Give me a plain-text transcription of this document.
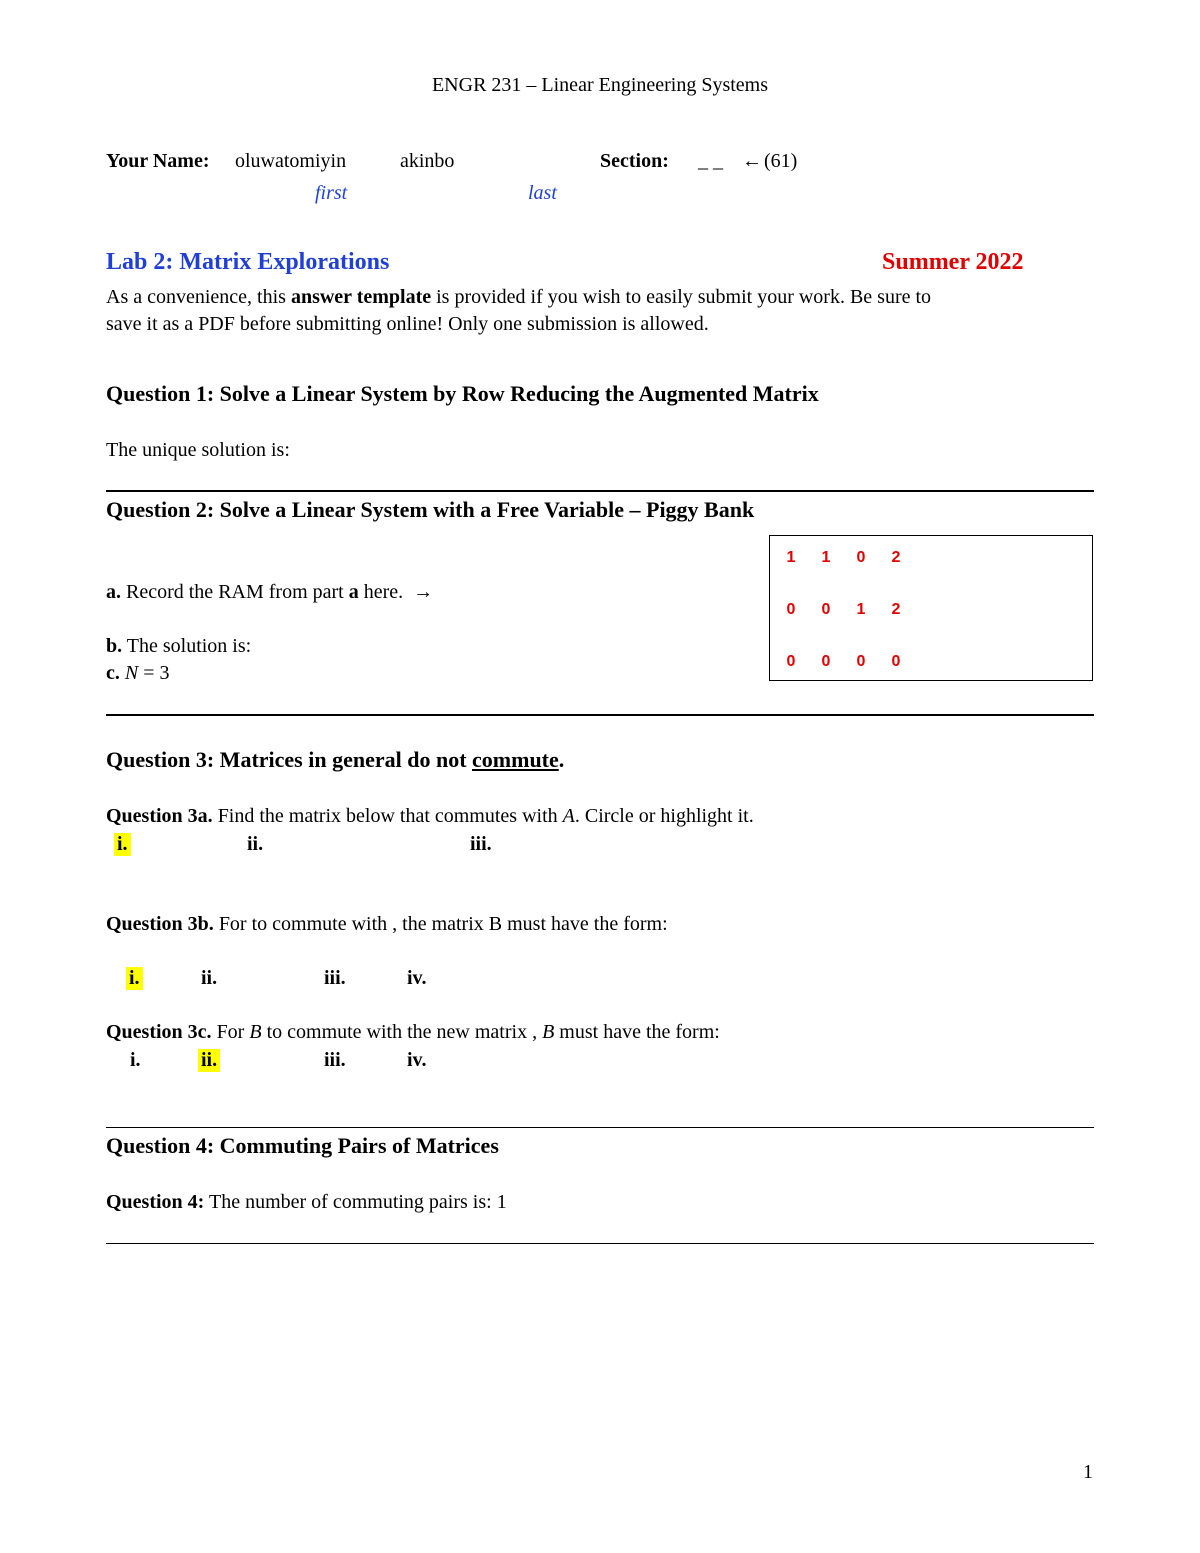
ENGR 231 – Linear Engineering Systems
Your Name: oluwatomiyin	akinbo	Section: _ _ ← (61)
first	last
Lab 2: Matrix Explorations	Summer 2022
As a convenience, this answer template is provided if you wish to easily submit your work. Be sure to
save it as a PDF before submitting online! Only one submission is allowed.
Question 1: Solve a Linear System by Row Reducing the Augmented Matrix
The unique solution is:
Question 2: Solve a Linear System with a Free Variable – Piggy Bank
a. Record the RAM from part a here. →
b. The solution is:
c. N = 3
1	1	0	2
0	0	1	2
0	0	0	0
Question 3: Matrices in general do not commute.
Question 3a. Find the matrix below that commutes with A. Circle or highlight it.
i.	ii.	iii.
Question 3b. For to commute with , the matrix B must have the form:
i.	ii.	iii.	iv.
Question 3c. For B to commute with the new matrix , B must have the form:
i.	ii.	iii.	iv.
Question 4: Commuting Pairs of Matrices
Question 4: The number of commuting pairs is: 1
1
